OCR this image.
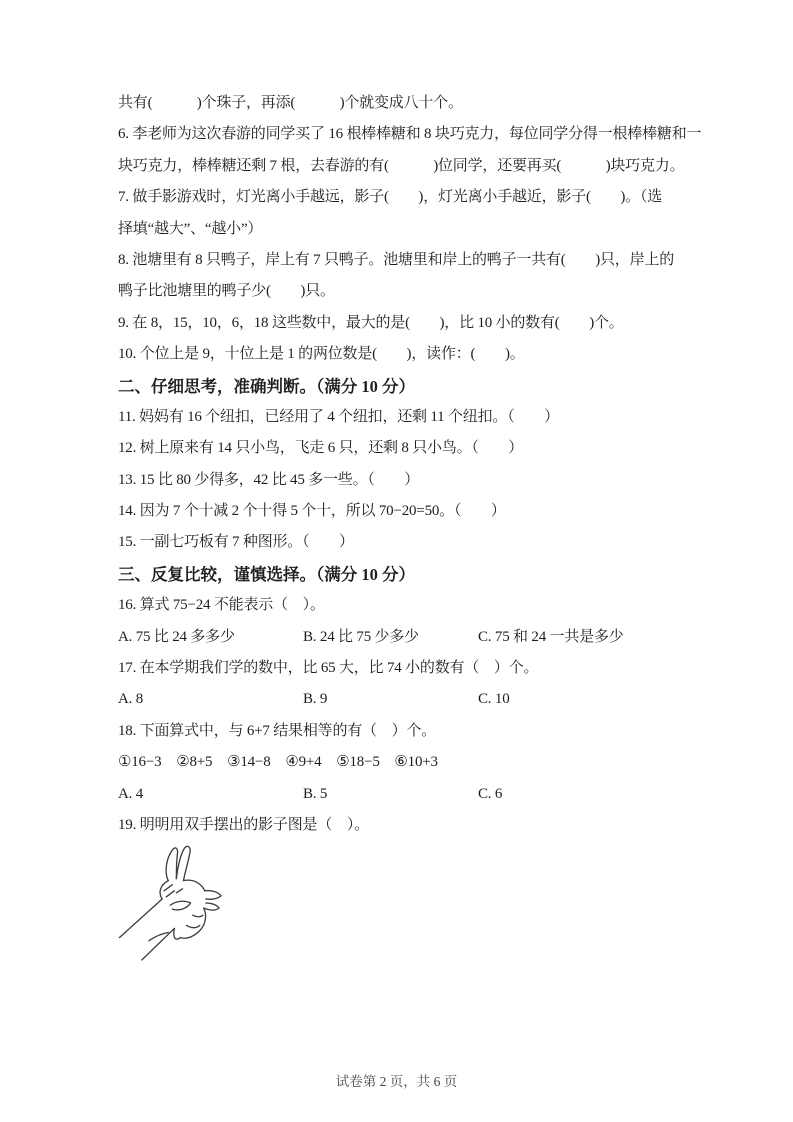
共有(　　　)个珠子，再添(　　　)个就变成八十个。
6. 李老师为这次春游的同学买了 16 根棒棒糖和 8 块巧克力，每位同学分得一根棒棒糖和一
块巧克力，棒棒糖还剩 7 根，去春游的有(　　　)位同学，还要再买(　　　)块巧克力。
7. 做手影游戏时，灯光离小手越远，影子(　　)，灯光离小手越近，影子(　　)。（选
择填“越大”、“越小”）
8. 池塘里有 8 只鸭子，岸上有 7 只鸭子。池塘里和岸上的鸭子一共有(　　)只，岸上的
鸭子比池塘里的鸭子少(　　)只。
9. 在 8，15，10，6，18 这些数中，最大的是(　　)，比 10 小的数有(　　)个。
10. 个位上是 9，十位上是 1 的两位数是(　　)，读作：(　　)。
二、仔细思考，准确判断。（满分 10 分）
11. 妈妈有 16 个纽扣，已经用了 4 个纽扣，还剩 11 个纽扣。（　　）
12. 树上原来有 14 只小鸟，飞走 6 只，还剩 8 只小鸟。（　　）
13. 15 比 80 少得多，42 比 45 多一些。（　　）
14. 因为 7 个十减 2 个十得 5 个十，所以 70−20=50。（　　）
15. 一副七巧板有 7 种图形。（　　）
三、反复比较，谨慎选择。（满分 10 分）
16. 算式 75−24 不能表示（　）。
A. 75 比 24 多多少	B. 24 比 75 少多少	C. 75 和 24 一共是多少
17. 在本学期我们学的数中，比 65 大，比 74 小的数有（　）个。
A. 8	B. 9	C. 10
18. 下面算式中，与 6+7 结果相等的有（　）个。
①16−3　②8+5　③14−8　④9+4　⑤18−5　⑥10+3
A. 4	B. 5	C. 6
19. 明明用双手摆出的影子图是（　）。
试卷第 2 页，共 6 页
